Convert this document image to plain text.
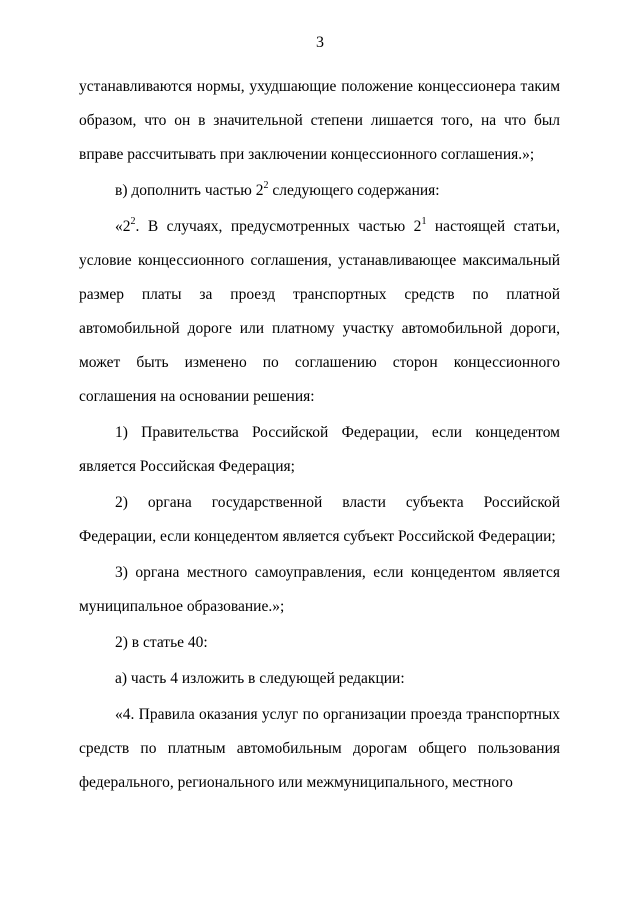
3

устанавливаются нормы, ухудшающие положение концессионера таким образом, что он в значительной степени лишается того, на что был вправе рассчитывать при заключении концессионного соглашения.»;

в) дополнить частью $2^2$ следующего содержания:

«$2^2$. В случаях, предусмотренных частью $2^1$ настоящей статьи, условие концессионного соглашения, устанавливающее максимальный размер платы за проезд транспортных средств по платной автомобильной дороге или платному участку автомобильной дороги, может быть изменено по соглашению сторон концессионного соглашения на основании решения:

1) Правительства Российской Федерации, если концедентом является Российская Федерация;

2) органа государственной власти субъекта Российской Федерации, если концедентом является субъект Российской Федерации;

3) органа местного самоуправления, если концедентом является муниципальное образование.»;

2) в статье 40:

а) часть 4 изложить в следующей редакции:

«4. Правила оказания услуг по организации проезда транспортных средств по платным автомобильным дорогам общего пользования федерального, регионального или межмуниципального, местного
